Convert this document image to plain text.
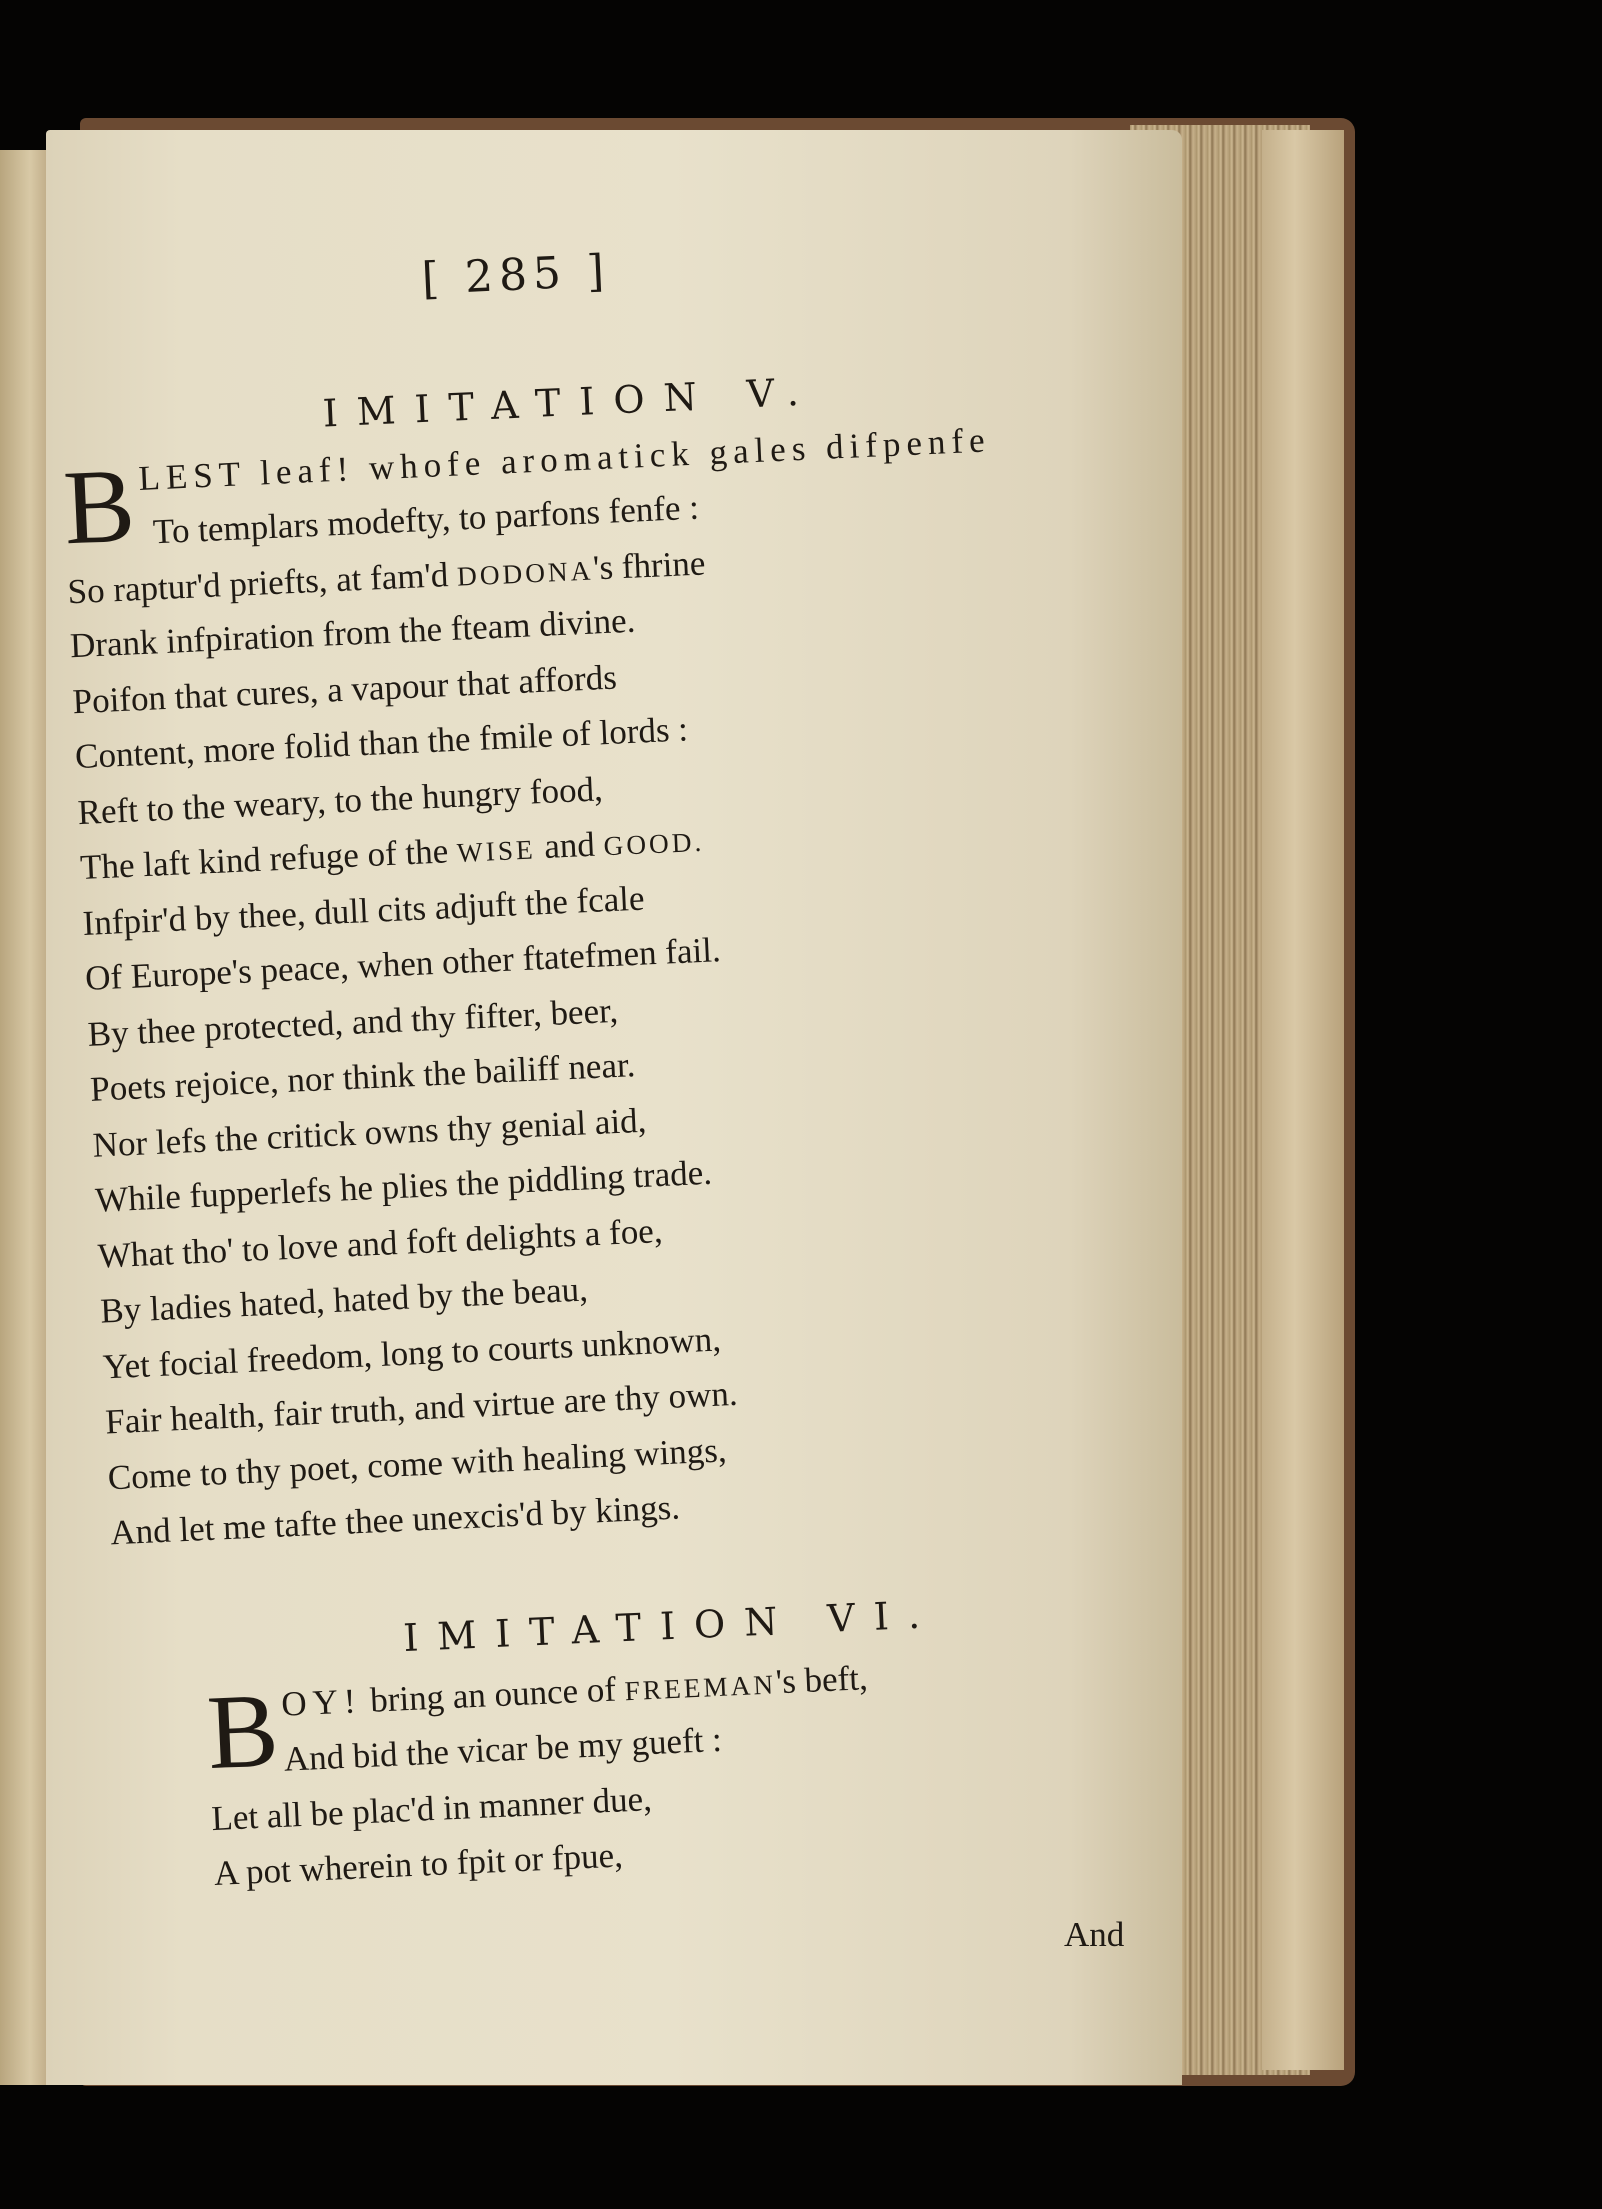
[ 285 ]
IMITATION V.
B LEST leaf! whofe aromatick gales difpenfe
To templars modefty, to parfons fenfe :
So raptur'd priefts, at fam'd DODONA's fhrine
Drank infpiration from the fteam divine.
Poifon that cures, a vapour that affords
Content, more folid than the fmile of lords :
Reft to the weary, to the hungry food,
The laft kind refuge of the WISE and GOOD.
Infpir'd by thee, dull cits adjuft the fcale
Of Europe's peace, when other ftatefmen fail.
By thee protected, and thy fifter, beer,
Poets rejoice, nor think the bailiff near.
Nor lefs the critick owns thy genial aid,
While fupperlefs he plies the piddling trade.
What tho' to love and foft delights a foe,
By ladies hated, hated by the beau,
Yet focial freedom, long to courts unknown,
Fair health, fair truth, and virtue are thy own.
Come to thy poet, come with healing wings,
And let me tafte thee unexcis'd by kings.
IMITATION VI.
B OY! bring an ounce of FREEMAN's beft,
And bid the vicar be my gueft :
Let all be plac'd in manner due,
A pot wherein to fpit or fpue,
And
